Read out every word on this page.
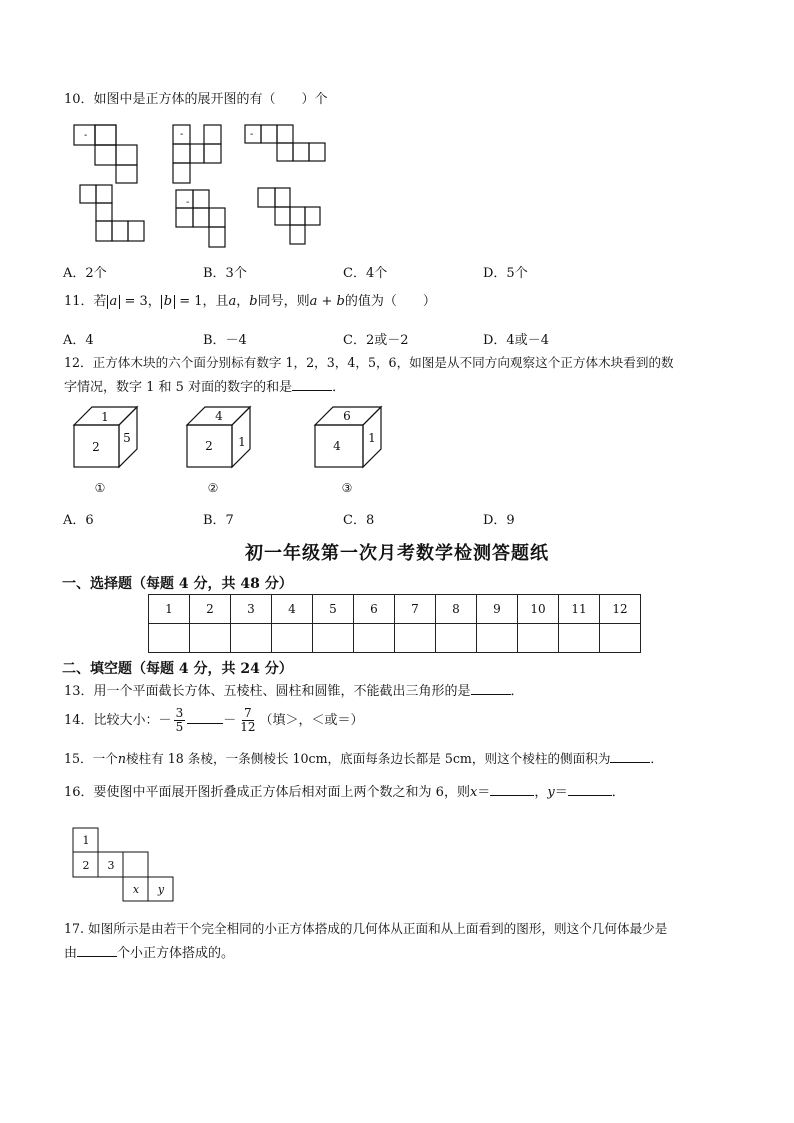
10．如图中是正方体的展开图的有（　　）个
-	-	-
-
A．2个	B．3个	C．4个	D．5个
11．若 a = 3， b = 1，且a，b同号，则a + b的值为（　　）
A．4	B．－4	C．2或－2	D．4或－4
12．正方体木块的六个面分别标有数字 1，2，3，4，5，6，如图是从不同方向观察这个正方体木块看到的数
字情况，数字 1 和 5 对面的数字的和是	．
1
2
5
①
4
2 1
②
6
4
1
③
A．6	B．7	C．8	D．9
初一年级第一次月考数学检测答题纸
一、选择题（每题 4 分，共 48 分）
1	2	3	4	5	6	7	8	9	10	11	12

二、填空题（每题 4 分，共 24 分）
13．用一个平面截长方体、五棱柱、圆柱和圆锥，不能截出三角形的是	．
14．比较大小：－ $\frac{3}{5}$	－ $\frac{7}{12}$ （填＞，＜或＝）
15．一个n棱柱有 18 条棱，一条侧棱长 10cm，底面每条边长都是 5cm，则这个棱柱的侧面积为	．
16．要使图中平面展开图折叠成正方体后相对面上两个数之和为 6，则x＝	，y＝	．
1
2 3
x y
17. 如图所示是由若干个完全相同的小正方体搭成的几何体从正面和从上面看到的图形，则这个几何体最少是
由	个小正方体搭成的。
